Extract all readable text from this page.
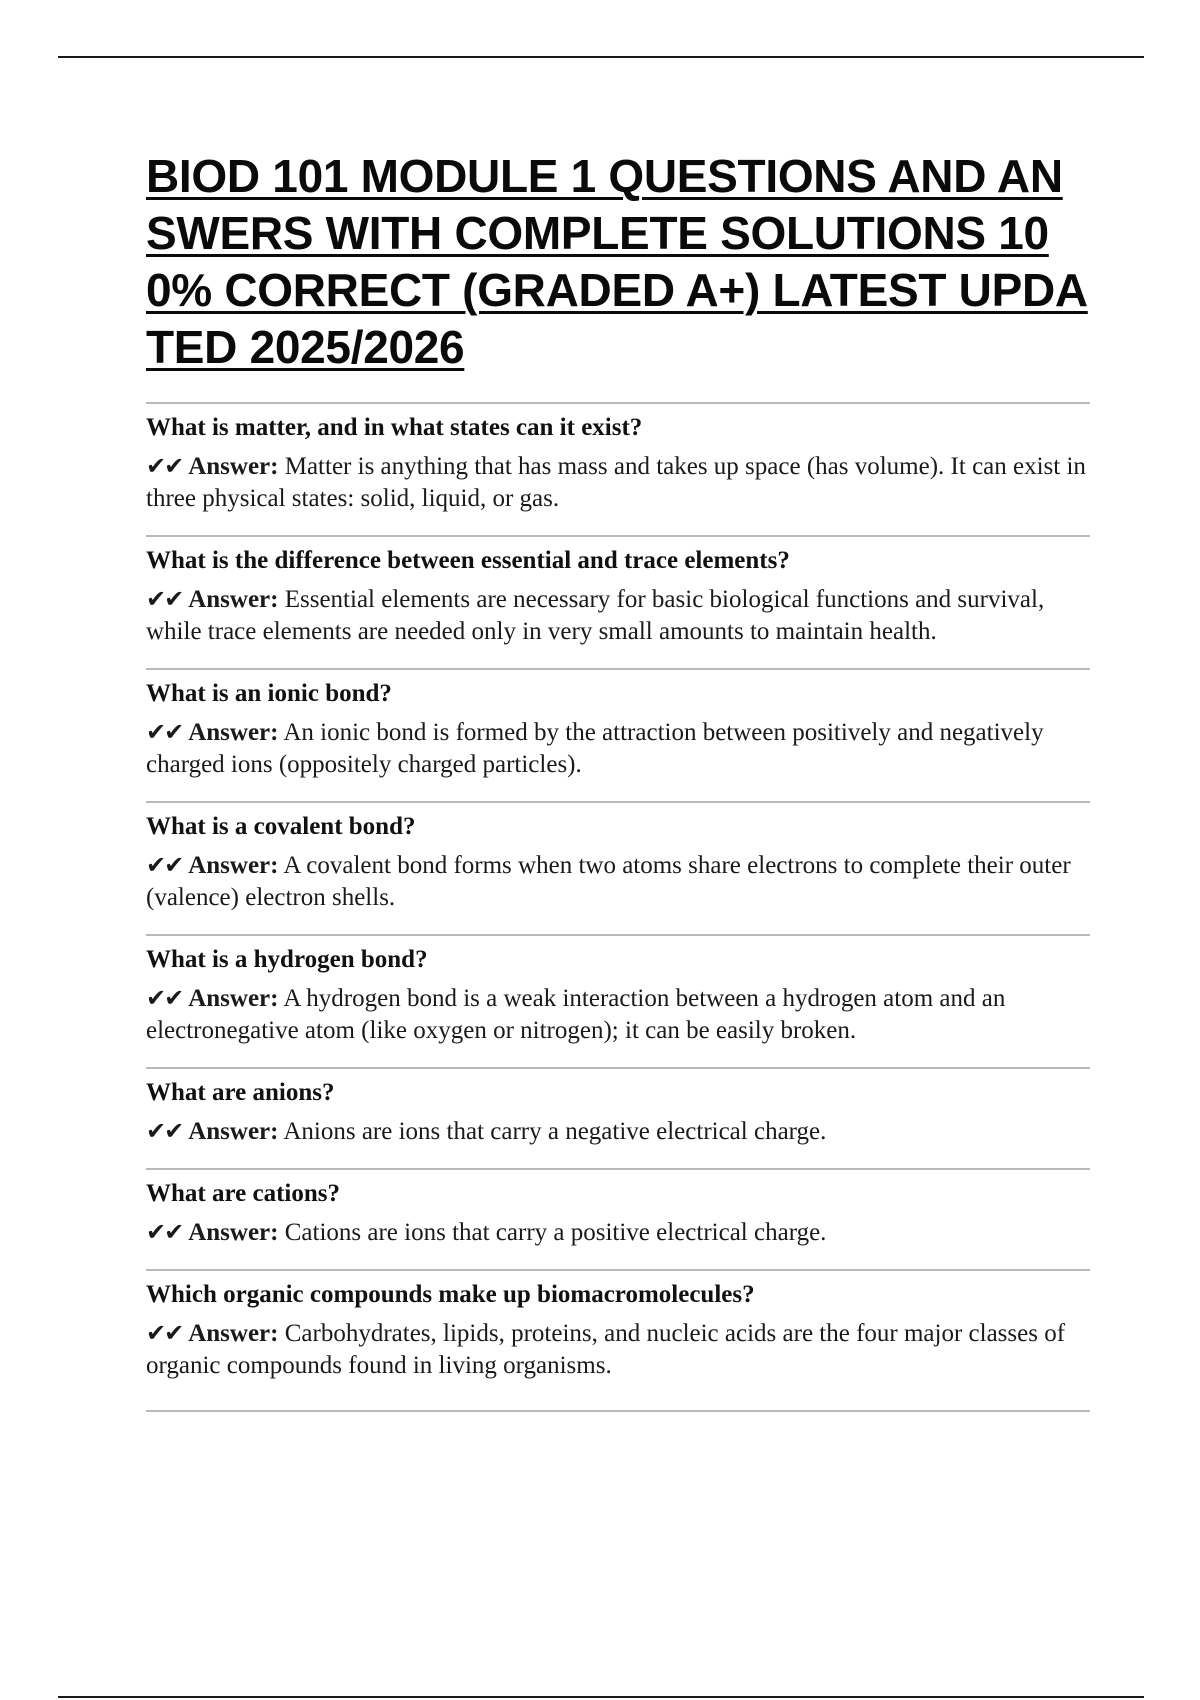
BIOD 101 MODULE 1 QUESTIONS AND ANSWERS WITH COMPLETE SOLUTIONS 100% CORRECT (GRADED A+) LATEST UPDATED 2025/2026

What is matter, and in what states can it exist?

✔✔ Answer: Matter is anything that has mass and takes up space (has volume). It can exist in three physical states: solid, liquid, or gas.

What is the difference between essential and trace elements?

✔✔ Answer: Essential elements are necessary for basic biological functions and survival, while trace elements are needed only in very small amounts to maintain health.

What is an ionic bond?

✔✔ Answer: An ionic bond is formed by the attraction between positively and negatively charged ions (oppositely charged particles).

What is a covalent bond?

✔✔ Answer: A covalent bond forms when two atoms share electrons to complete their outer (valence) electron shells.

What is a hydrogen bond?

✔✔ Answer: A hydrogen bond is a weak interaction between a hydrogen atom and an electronegative atom (like oxygen or nitrogen); it can be easily broken.

What are anions?

✔✔ Answer: Anions are ions that carry a negative electrical charge.

What are cations?

✔✔ Answer: Cations are ions that carry a positive electrical charge.

Which organic compounds make up biomacromolecules?

✔✔ Answer: Carbohydrates, lipids, proteins, and nucleic acids are the four major classes of organic compounds found in living organisms.
